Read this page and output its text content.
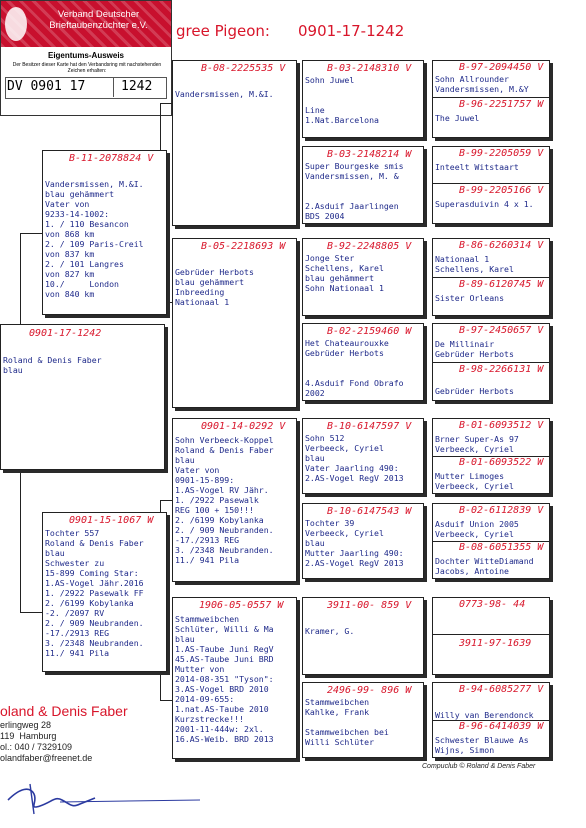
Verband Deutscher
Brieftaubenzüchter e.V.
Eigentums-Ausweis
Der Besitzer dieser Karte hat den Verbandsring mit nachstehenden Zeichen erhalten:
DV 0901 17	1242
gree Pigeon: 0901-17-1242
0901-17-1242
Roland & Denis Faber
blau
B-11-2078824 V
Vandersmissen, M.&I.
blau gehämmert
Vater von
9233-14-1002:
1. / 110 Besancon
von 868 km
2. / 109 Paris-Creil
von 837 km
2. / 101 Langres
von 827 km
10./     London
von 840 km
0901-15-1067 W
Tochter 557
Roland & Denis Faber
blau
Schwester zu
15-899 Coming Star:
1.AS-Vogel Jähr.2016
1. /2922 Pasewalk FF
2. /6199 Kobylanka
-2. /2097 RV
2. / 909 Neubranden.
-17./2913 REG
3. /2348 Neubranden.
11./ 941 Pila
B-08-2225535 V
Vandersmissen, M.&I.
B-05-2218693 W
Gebrüder Herbots
blau gehämmert
Inbreeding
Nationaal 1
0901-14-0292 V
Sohn Verbeeck-Koppel
Roland & Denis Faber
blau
Vater von
0901-15-899:
1.AS-Vogel RV Jähr.
1. /2922 Pasewalk
REG 100 + 150!!!
2. /6199 Kobylanka
2. / 909 Neubranden.
-17./2913 REG
3. /2348 Neubranden.
11./ 941 Pila
1906-05-0557 W
Stammweibchen
Schlüter, Willi & Ma
blau
1.AS-Taube Juni RegV
45.AS-Taube Juni BRD
Mutter von
2014-08-351 "Tyson":
3.AS-Vogel BRD 2010
2014-09-655:
1.nat.AS-Taube 2010
Kurzstrecke!!!
2001-11-444w: 2xl.
16.AS-Weib. BRD 2013
B-03-2148310 V
Sohn Juwel

Line
1.Nat.Barcelona
B-03-2148214 W
Super Bourgeske smis
Vandersmissen, M. &

2.Asduif Jaarlingen
BDS 2004
B-92-2248805 V
Jonge Ster
Schellens, Karel
blau gehämmert
Sohn Nationaal 1
B-02-2159460 W
Het Chateaurouxke
Gebrüder Herbots

4.Asduif Fond Obrafo
2002
B-10-6147597 V
Sohn 512
Verbeeck, Cyriel
blau
Vater Jaarling 490:
2.AS-Vogel RegV 2013
B-10-6147543 W
Tochter 39
Verbeeck, Cyriel
blau
Mutter Jaarling 490:
2.AS-Vogel RegV 2013
3911-00- 859 V
Kramer, G.
2496-99- 896 W
Stammweibchen
Kahlke, Frank

Stammweibchen bei
Willi Schlüter
B-97-2094450 V
Sohn Allrounder
Vandersmissen, M.&Y
B-96-2251757 W
The Juwel
B-99-2205059 V
Inteelt Witstaart
B-99-2205166 V
Superasduivin 4 x 1.
B-86-6260314 V
Nationaal 1
Schellens, Karel
B-89-6120745 W
Sister Orleans
B-97-2450657 V
De Millinair
Gebrüder Herbots
B-98-2266131 W
Gebrüder Herbots
B-01-6093512 V
Brner Super-As 97
Verbeeck, Cyriel
B-01-6093522 W
Mutter Limoges
Verbeeck, Cyriel
B-02-6112839 V
Asduif Union 2005
Verbeeck, Cyriel
B-08-6051355 W
Dochter WitteDiamand
Jacobs, Antoine
0773-98- 44
3911-97-1639
B-94-6085277 V
Willy van Berendonck
B-96-6414039 W
Schwester Blauwe As
Wijns, Simon
oland & Denis Faber
erlingweg 28
119  Hamburg
ol.: 040 / 7329109
olandfaber@freenet.de
Compuclub © Roland & Denis Faber
